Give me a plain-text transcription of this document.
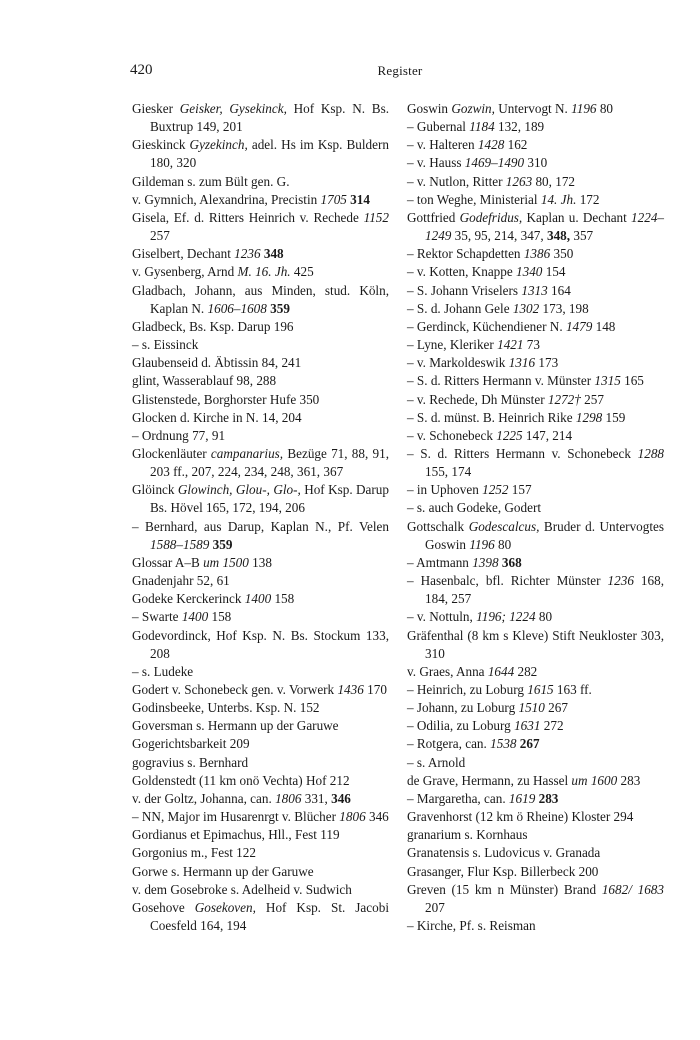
420	Register
Giesker Geisker, Gysekinck, Hof Ksp. N. Bs. Buxtrup 149, 201
Gieskinck Gyzekinch, adel. Hs im Ksp. Buldern 180, 320
Gildeman s. zum Bült gen. G.
v. Gymnich, Alexandrina, Precistin 1705 314
Gisela, Ef. d. Ritters Heinrich v. Rechede 1152 257
Giselbert, Dechant 1236 348
v. Gysenberg, Arnd M. 16. Jh. 425
Gladbach, Johann, aus Minden, stud. Köln, Kaplan N. 1606–1608 359
Gladbeck, Bs. Ksp. Darup 196
– s. Eissinck
Glaubenseid d. Äbtissin 84, 241
glint, Wasserablauf 98, 288
Glistenstede, Borghorster Hufe 350
Glocken d. Kirche in N. 14, 204
– Ordnung 77, 91
Glockenläuter campanarius, Bezüge 71, 88, 91, 203 ff., 207, 224, 234, 248, 361, 367
Glöinck Glowinch, Glou-, Glo-, Hof Ksp. Darup Bs. Hövel 165, 172, 194, 206
– Bernhard, aus Darup, Kaplan N., Pf. Velen 1588–1589 359
Glossar A–B um 1500 138
Gnadenjahr 52, 61
Godeke Kerckerinck 1400 158
– Swarte 1400 158
Godevordinck, Hof Ksp. N. Bs. Stockum 133, 208
– s. Ludeke
Godert v. Schonebeck gen. v. Vorwerk 1436 170
Godinsbeeke, Unterbs. Ksp. N. 152
Goversman s. Hermann up der Garuwe
Gogerichtsbarkeit 209
gogravius s. Bernhard
Goldenstedt (11 km onö Vechta) Hof 212
v. der Goltz, Johanna, can. 1806 331, 346
– NN, Major im Husarenrgt v. Blücher 1806 346
Gordianus et Epimachus, Hll., Fest 119
Gorgonius m., Fest 122
Gorwe s. Hermann up der Garuwe
v. dem Gosebroke s. Adelheid v. Sudwich
Gosehove Gosekoven, Hof Ksp. St. Jacobi Coesfeld 164, 194
Goswin Gozwin, Untervogt N. 1196 80
– Gubernal 1184 132, 189
– v. Halteren 1428 162
– v. Hauss 1469–1490 310
– v. Nutlon, Ritter 1263 80, 172
– ton Weghe, Ministerial 14. Jh. 172
Gottfried Godefridus, Kaplan u. Dechant 1224–1249 35, 95, 214, 347, 348, 357
– Rektor Schapdetten 1386 350
– v. Kotten, Knappe 1340 154
– S. Johann Vriselers 1313 164
– S. d. Johann Gele 1302 173, 198
– Gerdinck, Küchendiener N. 1479 148
– Lyne, Kleriker 1421 73
– v. Markoldeswik 1316 173
– S. d. Ritters Hermann v. Münster 1315 165
– v. Rechede, Dh Münster 1272† 257
– S. d. münst. B. Heinrich Rike 1298 159
– v. Schonebeck 1225 147, 214
– S. d. Ritters Hermann v. Schonebeck 1288 155, 174
– in Uphoven 1252 157
– s. auch Godeke, Godert
Gottschalk Godescalcus, Bruder d. Untervogtes Goswin 1196 80
– Amtmann 1398 368
– Hasenbalc, bfl. Richter Münster 1236 168, 184, 257
– v. Nottuln, 1196; 1224 80
Gräfenthal (8 km s Kleve) Stift Neukloster 303, 310
v. Graes, Anna 1644 282
– Heinrich, zu Loburg 1615 163 ff.
– Johann, zu Loburg 1510 267
– Odilia, zu Loburg 1631 272
– Rotgera, can. 1538 267
– s. Arnold
de Grave, Hermann, zu Hassel um 1600 283
– Margaretha, can. 1619 283
Gravenhorst (12 km ö Rheine) Kloster 294
granarium s. Kornhaus
Granatensis s. Ludovicus v. Granada
Grasanger, Flur Ksp. Billerbeck 200
Greven (15 km n Münster) Brand 1682/ 1683 207
– Kirche, Pf. s. Reisman
